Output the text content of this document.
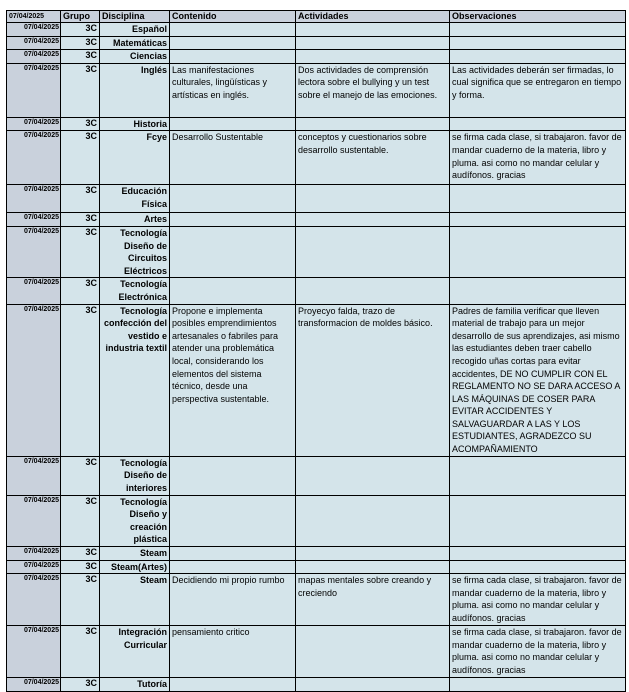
07/04/2025	Grupo	Disciplina	Contenido	Actividades	Observaciones
07/04/2025	3C	Español			
07/04/2025	3C	Matemáticas			
07/04/2025	3C	Ciencias			
07/04/2025	3C	Inglés	Las manifestaciones culturales, lingüísticas y artísticas en inglés.	Dos actividades de comprensión lectora sobre el bullying y un test sobre el manejo de las emociones.	Las actividades deberán ser firmadas, lo cual significa que se entregaron en tiempo y forma.
07/04/2025	3C	Historia			
07/04/2025	3C	Fcye	Desarrollo Sustentable	conceptos y cuestionarios sobre desarrollo sustentable.	se firma cada clase, si trabajaron. favor de mandar cuaderno de la materia, libro y pluma. asi como no mandar celular y audífonos. gracias
07/04/2025	3C	Educación Física			
07/04/2025	3C	Artes			
07/04/2025	3C	Tecnología Diseño de Circuitos Eléctricos			
07/04/2025	3C	Tecnología Electrónica			
07/04/2025	3C	Tecnología confección del vestido e industria textil	Propone e implementa posibles emprendimientos artesanales o fabriles para atender una problemática local, considerando los elementos del sistema técnico, desde una perspectiva sustentable.	Proyecyo falda, trazo de transformacion de moldes básico.	Padres de familia verificar que lleven material de trabajo para un mejor desarrollo de sus aprendizajes, asi mismo las estudiantes deben traer cabello recogido uñas cortas para evitar accidentes, DE NO CUMPLIR CON EL REGLAMENTO NO SE DARA ACCESO A LAS MÁQUINAS DE COSER PARA EVITAR ACCIDENTES Y SALVAGUARDAR A LAS Y LOS ESTUDIANTES, AGRADEZCO SU ACOMPAÑAMIENTO
07/04/2025	3C	Tecnología Diseño de interiores			
07/04/2025	3C	Tecnología Diseño y creación plástica			
07/04/2025	3C	Steam			
07/04/2025	3C	Steam(Artes)			
07/04/2025	3C	Steam	Decidiendo mi propio rumbo	mapas mentales sobre creando y creciendo	se firma cada clase, si trabajaron. favor de mandar cuaderno de la materia, libro y pluma. asi como no mandar celular y audífonos. gracias
07/04/2025	3C	Integración Curricular	pensamiento critico		se firma cada clase, si trabajaron. favor de mandar cuaderno de la materia, libro y pluma. asi como no mandar celular y audífonos. gracias
07/04/2025	3C	Tutoría			
